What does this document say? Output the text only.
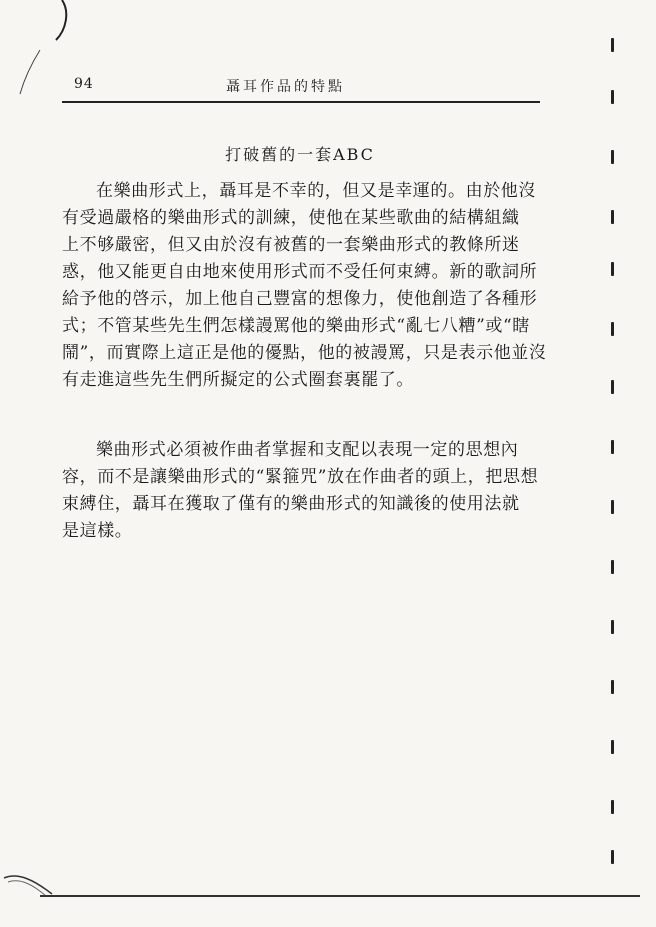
94	聶耳作品的特點
打破舊的一套ABC
在樂曲形式上，聶耳是不幸的，但又是幸運的。由於他沒
有受過嚴格的樂曲形式的訓練，使他在某些歌曲的結構組織
上不够嚴密，但又由於沒有被舊的一套樂曲形式的教條所迷
惑，他又能更自由地來使用形式而不受任何束縛。新的歌詞所
給予他的啓示，加上他自己豐富的想像力，使他創造了各種形
式；不管某些先生們怎樣謾罵他的樂曲形式“亂七八糟”或“瞎
鬧”，而實際上這正是他的優點，他的被謾罵，只是表示他並沒
有走進這些先生們所擬定的公式圈套裏罷了。
樂曲形式必須被作曲者掌握和支配以表現一定的思想內
容，而不是讓樂曲形式的“緊箍咒”放在作曲者的頭上，把思想
束縛住，聶耳在獲取了僅有的樂曲形式的知識後的使用法就
是這樣。
